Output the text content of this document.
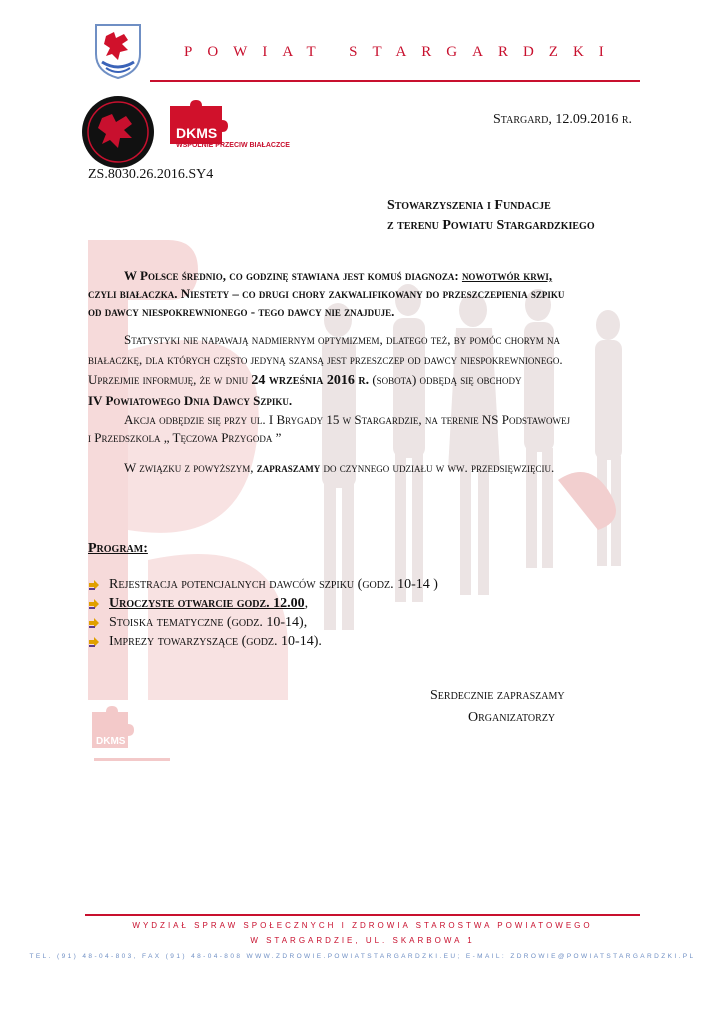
POWIAT STARGARDZKI
DKMS
WSPÓLNIE PRZECIW BIAŁACZCE
Stargard, 12.09.2016 r.
ZS.8030.26.2016.SY4
Stowarzyszenia i Fundacje
z terenu Powiatu Stargardzkiego
W Polsce średnio, co godzinę stawiana jest komuś diagnoza: nowotwór krwi,
czyli białaczka. Niestety – co drugi chory zakwalifikowany do przeszczepienia szpiku
od dawcy niespokrewnionego - tego dawcy nie znajduje.
Statystyki nie napawają nadmiernym optymizmem, dlatego też, by pomóc chorym na
białaczkę, dla których często jedyną szansą jest przeszczep od dawcy niespokrewnionego.
Uprzejmie informuję, że w dniu 24 września 2016 r. (sobota) odbędą się obchody
IV Powiatowego Dnia Dawcy Szpiku.
Akcja odbędzie się przy ul. I Brygady 15 w Stargardzie, na terenie NS Podstawowej
i Przedszkola „ Tęczowa Przygoda ”
W związku z powyższym, zapraszamy do czynnego udziału w ww. przedsięwzięciu.
Program:
Rejestracja potencjalnych dawców szpiku (godz. 10-14 )
Uroczyste otwarcie godz. 12.00 ,
Stoiska tematyczne (godz. 10-14),
Imprezy towarzyszące (godz. 10-14).
Serdecznie zapraszamy
Organizatorzy
DKMS
WYDZIAŁ SPRAW SPOŁECZNYCH I ZDROWIA STAROSTWA POWIATOWEGO
W STARGARDZIE, UL. SKARBOWA 1
TEL. (91) 48-04-803, FAX (91) 48-04-808 WWW.ZDROWIE.POWIATSTARGARDZKI.EU; E-MAIL: ZDROWIE@POWIATSTARGARDZKI.PL
